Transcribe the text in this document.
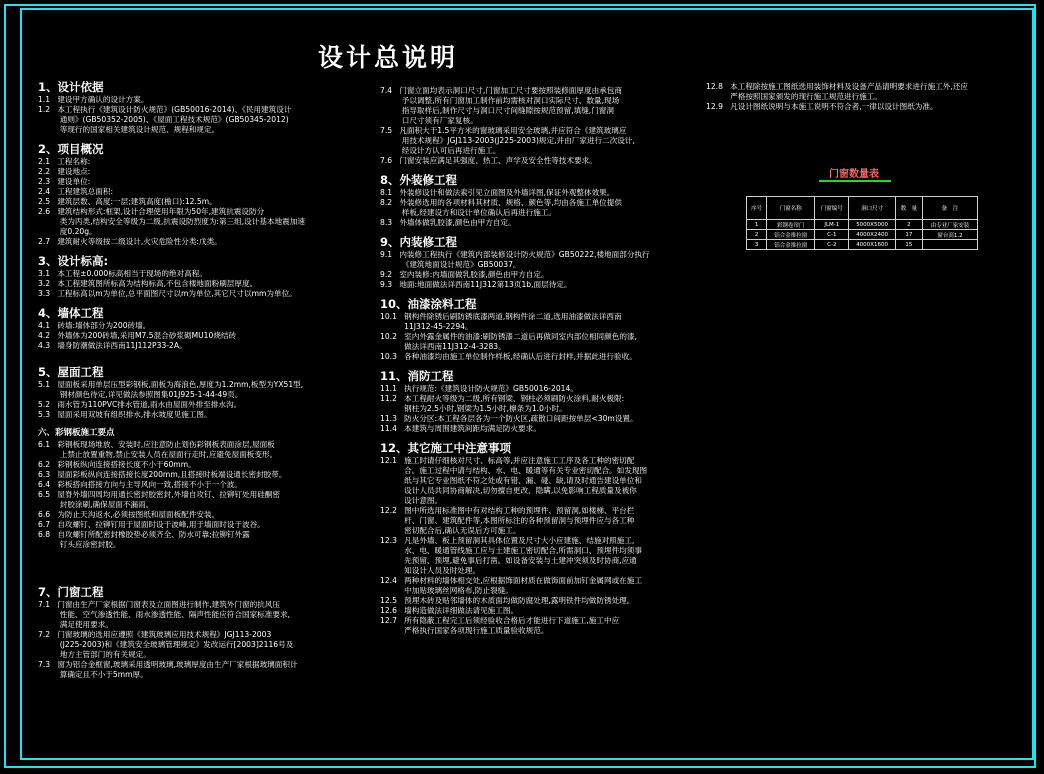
设计总说明
1、设计依据
1.1   建设甲方确认的设计方案。
1.2   本工程执行《建筑设计防火规范》(GB50016-2014)、《民用建筑设计
通则》(GB50352-2005)、《屋面工程技术规范》(GB50345-2012)
等现行的国家相关建筑设计规范、规程和规定。
2、项目概况
2.1   工程名称:
2.2   建设地点:
2.3   建设单位:
2.4   工程建筑总面积:
2.5   建筑层数、高度:一层;建筑高度(檐口):12.5m。
2.6   建筑结构形式:框架,设计合理使用年限为50年,建筑抗震设防分
类为丙类,结构安全等级为二级,抗震设防烈度为:第三组,设计基本地震加速
度0.20g。
2.7   建筑耐火等级按二级设计,火灾危险性分类:戊类。
3、设计标高:
3.1   本工程±0.000标高相当于现场的绝对高程。
3.2   本工程建筑图所标高为结构标高,不包含楼地面粉刷层厚度。
3.3   工程标高以m为单位,总平面图尺寸以m为单位,其它尺寸以mm为单位。
4、墙体工程
4.1   砖墙:墙体部分为200砖墙。
4.2   外墙体为200砖墙,采用M7.5混合砂浆砌MU10烧结砖
4.3   墙身防潮做法详西南11J112P33-2A。
5、屋面工程
5.1   屋面板采用单层压型彩钢板,面板为海浪色,厚度为1.2mm,板型为YX51型,
钢材颜色待定,详见做法参照图集01J925-1-44-49页。
5.2   雨水管为110PVC排水管道,雨水由屋面外排至排水沟。
5.3   屋面采用双坡有组织排水,排水坡度见施工图。
六、彩钢板施工要点
6.1   彩钢板现场堆放、安装时,应注意防止划伤彩钢板表面涂层,屋面板
上禁止放置重物,禁止安装人员在屋面行走时,应避免屋面板变形。
6.2   彩钢板纵向连接搭接长度不小于60mm。
6.3   屋面彩板纵向连接搭接长度200mm,且搭接时板端设通长密封胶带。
6.4   彩板搭向搭接方向与主导风向一致,搭接不小于一个波。
6.5   屋脊外墙四周均用通长密封胶密封,外墙自攻钉、拉铆钉处用硅酮密
封胶涂刷,确保屋面不漏雨。
6.6   为防止天沟返水,必须按图纸和屋面板配件安装。
6.7   自攻螺钉、拉铆钉用于屋面时设于波峰,用于墙面时设于波谷。
6.8   自攻螺钉所配密封橡胶垫必须齐全、防水可靠;拉铆钉外露
钉头应涂密封胶。
7、门窗工程
7.1   门窗由生产厂家根据门窗表及立面图进行制作,建筑外门窗的抗风压
性能、空气渗透性能、雨水渗透性能、隔声性能应符合国家标准要求,
满足使用要求。
7.2   门窗玻璃的选用应遵照《建筑玻璃应用技术规程》JGJ113-2003
(J225-2003)和《建筑安全玻璃管理规定》发改运行[2003]2116号及
地方主管部门的有关规定。
7.3   窗为铝合金框窗,玻璃采用透明玻璃,玻璃厚度由生产厂家根据玻璃面积计
算确定且不小于5mm厚。
7.4   门窗立面均表示洞口尺寸,门窗加工尺寸要按照装修面厚度由承包商
予以调整,所有门窗加工制作前均需核对洞口实际尺寸、数量,现场
指导取样后,制作尺寸与洞口尺寸间缝隙按规范预留,填缝,门窗洞
口尺寸须有厂家复核。
7.5   凡面积大于1.5平方米的窗玻璃采用安全玻璃,并应符合《建筑玻璃应
用技术规程》JGJ113-2003(J225-2003)规定,并由厂家进行二次设计,
经设计方认可后再进行施工。
7.6   门窗安装应满足其强度、热工、声学及安全性等技术要求。
8、外装修工程
8.1   外装修设计和做法索引见立面图及外墙详图,保证外观整体效果。
8.2   外装修选用的各项材料其材质、规格、颜色等,均由各施工单位提供
样板,经建设方和设计单位确认后再进行施工。
8.3   外墙体做乳胶漆,颜色由甲方自定。
9、内装修工程
9.1   内装修工程执行《建筑内部装修设计防火规范》GB50222,楼地面部分执行
《建筑地面设计规范》GB50037。
9.2   室内装修:内墙面做乳胶漆,颜色由甲方自定。
9.3   地面:地面做法详西南11J312第13页1b,面层待定。
10、油漆涂料工程
10.1   钢构件除锈后刷防锈底漆两道,钢构件涂二道,选用油漆做法详西南
11J312-45-2294。
10.2   室内外露金属件的油漆:刷防锈漆二道后再做同室内部位相同颜色的漆,
做法详西南11J312-4-3283。
10.3   各种油漆均由施工单位制作样板,经确认后进行封样,并据此进行验收。
11、消防工程
11.1   执行规范:《建筑设计防火规范》GB50016-2014。
11.2   本工程耐火等级为二级,所有钢梁、钢柱必须刷防火涂料,耐火极限:
钢柱为2.5小时,钢梁为1.5小时,檩条为1.0小时。
11.3   防火分区:本工程各层各为一个防火区,疏散口间距按单层<30m设置。
11.4   本建筑与周围建筑间距均满足防火要求。
12、其它施工中注意事项
12.1   施工时请仔细核对尺寸、标高等,并应注意施工工序及各工种的密切配
合。施工过程中请与结构、水、电、暖通等有关专业密切配合。如发现图
纸与其它专业图纸不符之处或有错、漏、碰、缺,请及时通告建设单位和
设计人员共同协商解决,切勿擅自更改、隐瞒,以免影响工程质量及被你
设计意图。
12.2   图中所选用标准图中有对结构工种的预埋件、预留洞,如楼梯、平台栏
杆、门窗、建筑配件等,本图所标注的各种预留洞与预埋件应与各工种
密切配合后,确认无误后方可施工。
12.3   凡是外墙、板上预留洞其具体位置及尺寸大小应建施、结施对照施工,
水、电、暖通管线施工应与土建施工密切配合,所需洞口、预埋件均须事
先预留、预埋,避免事后打凿。如设备安装与土建冲突须及时协商,应通
知设计人员及时处理。
12.4   两种材料的墙体相交处,应根据饰面材质在做饰面前加钉金属网或在施工
中加贴玻璃丝网格布,防止裂缝。
12.5   预埋木砖及贴邻墙体的木质面均做防腐处理,露明铁件均做防锈处理。
12.6   墙构造做法详细做法请见施工图。
12.7   所有隐蔽工程完工后须经验收合格后才能进行下道施工,施工中应
严格执行国家各项现行施工质量验收规范。
12.8   本工程除按施工图纸选用装饰材料及设备产品请明要求进行施工外,还应
严格按照国家颁发的现行施工规范进行施工。
12.9   凡设计图纸说明与本施工说明不符合者,一律以设计图纸为准。
门窗数量表
序号	门窗名称	门窗编号	洞口尺寸	数　量	备　注
1	彩钢卷帘门	JLM-1	5000X5000	2	由专业厂家安装
2	铝合金推拉窗	C-1	4000X2400	17	窗台高1.2
3	铝合金推拉窗	C-2	4000X1600	15	
